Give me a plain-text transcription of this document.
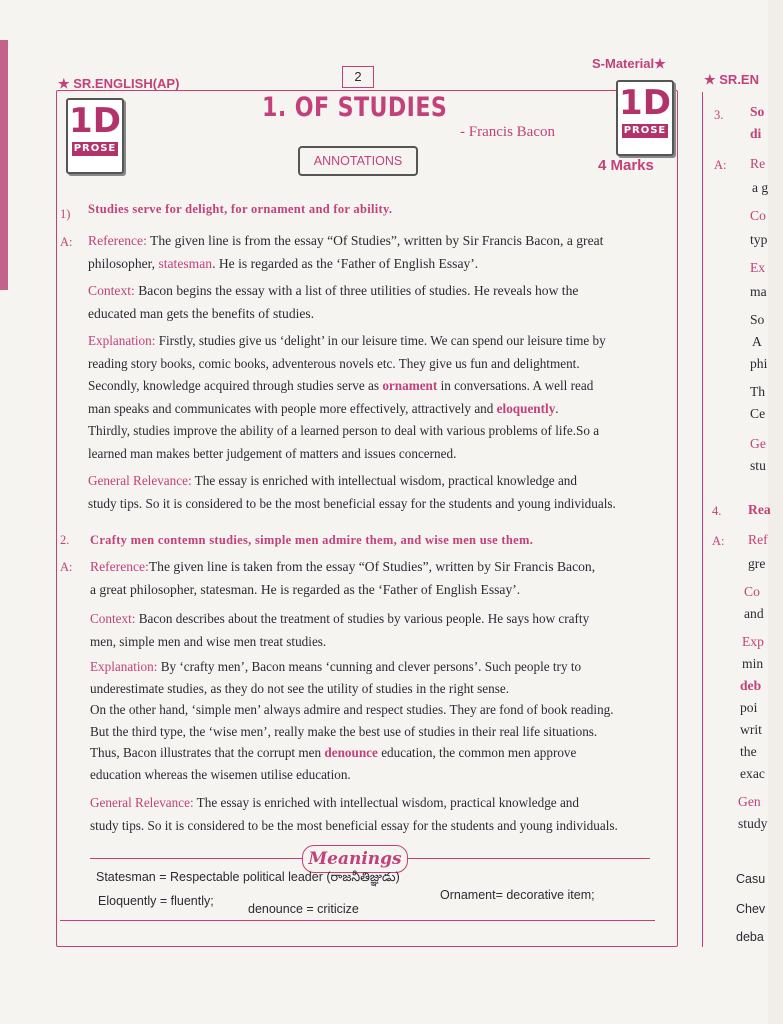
★ SR.ENGLISH(AP)	2
S-Material★
★ SR.EN
1D
PROSE
1D
PROSE
1. OF STUDIES
- Francis Bacon
ANNOTATIONS	4 Marks
1) Studies serve for delight, for ornament and for ability.
A: Reference: The given line is from the essay “Of Studies”, written by Sir Francis Bacon, a great
philosopher, statesman. He is regarded as the ‘Father of English Essay’.
Context: Bacon begins the essay with a list of three utilities of studies. He reveals how the
educated man gets the benefits of studies.
Explanation: Firstly, studies give us ‘delight’ in our leisure time. We can spend our leisure time by
reading story books, comic books, adventerous novels etc. They give us fun and delightment.
Secondly, knowledge acquired through studies serve as ornament in conversations. A well read
man speaks and communicates with people more effectively, attractively and eloquently.
Thirdly, studies improve the ability of a learned person to deal with various problems of life.So a
learned man makes better judgement of matters and issues concerned.
General Relevance: The essay is enriched with intellectual wisdom, practical knowledge and
study tips. So it is considered to be the most beneficial essay for the students and young individuals.
2. Crafty men contemn studies, simple men admire them, and wise men use them.
A: Reference:The given line is taken from the essay “Of Studies”, written by Sir Francis Bacon,
a great philosopher, statesman. He is regarded as the ‘Father of English Essay’.
Context: Bacon describes about the treatment of studies by various people. He says how crafty
men, simple men and wise men treat studies.
Explanation: By ‘crafty men’, Bacon means ‘cunning and clever persons’. Such people try to
underestimate studies, as they do not see the utility of studies in the right sense.
On the other hand, ‘simple men’ always admire and respect studies. They are fond of book reading.
But the third type, the ‘wise men’, really make the best use of studies in their real life situations.
Thus, Bacon illustrates that the corrupt men denounce education, the common men approve
education whereas the wisemen utilise education.
General Relevance: The essay is enriched with intellectual wisdom, practical knowledge and
study tips. So it is considered to be the most beneficial essay for the students and young individuals.
Meanings
Statesman = Respectable political leader (రాజనీతిజ్ఞుడు)
Ornament= decorative item;
Eloquently = fluently;
denounce = criticize
3. So
di
A: Re
a g
Co
typ
Ex
ma
So
A
phi
Th
Ce
Ge
stu
4. Rea
A: Ref
gre
Co
and
Exp
min
deb
poi
writ
the
exac
Gen
study
Casu
Chev
deba
